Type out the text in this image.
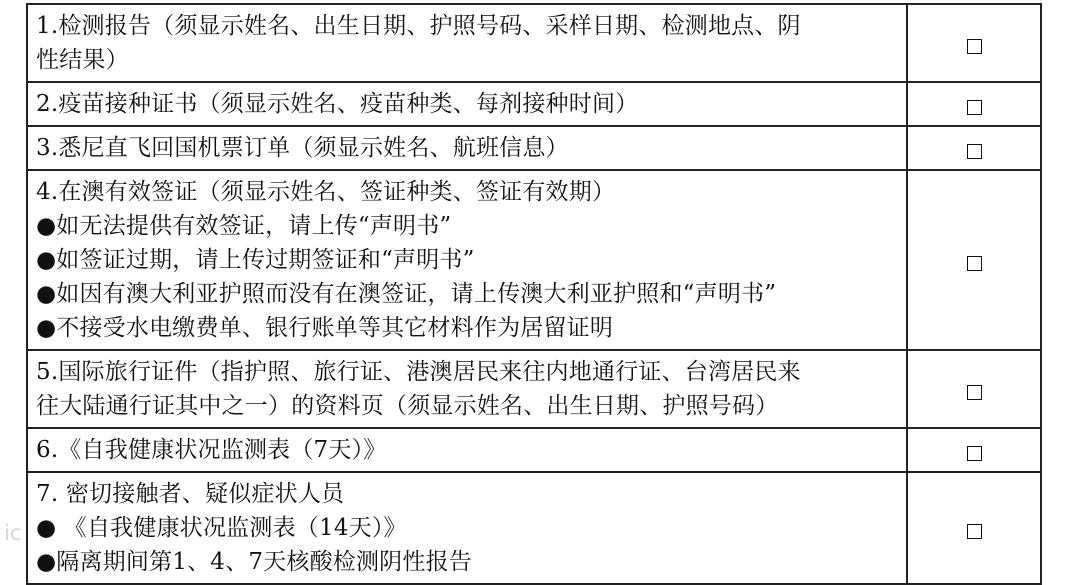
1.检测报告（须显示姓名、出生日期、护照号码、采样日期、检测地点、阴
性结果）	

2.疫苗接种证书（须显示姓名、疫苗种类、每剂接种时间）	

3.悉尼直飞回国机票订单（须显示姓名、航班信息）	

4.在澳有效签证（须显示姓名、签证种类、签证有效期）
●如无法提供有效签证，请上传“声明书”
●如签证过期，请上传过期签证和“声明书”
●如因有澳大利亚护照而没有在澳签证，请上传澳大利亚护照和“声明书”
●不接受水电缴费单、银行账单等其它材料作为居留证明	

5.国际旅行证件（指护照、旅行证、港澳居民来往内地通行证、台湾居民来
往大陆通行证其中之一）的资料页（须显示姓名、出生日期、护照号码）	

6.《自我健康状况监测表（7天）》	

7. 密切接触者、疑似症状人员
● 《自我健康状况监测表（14天）》
●隔离期间第1、4、7天核酸检测阴性报告	

ic
